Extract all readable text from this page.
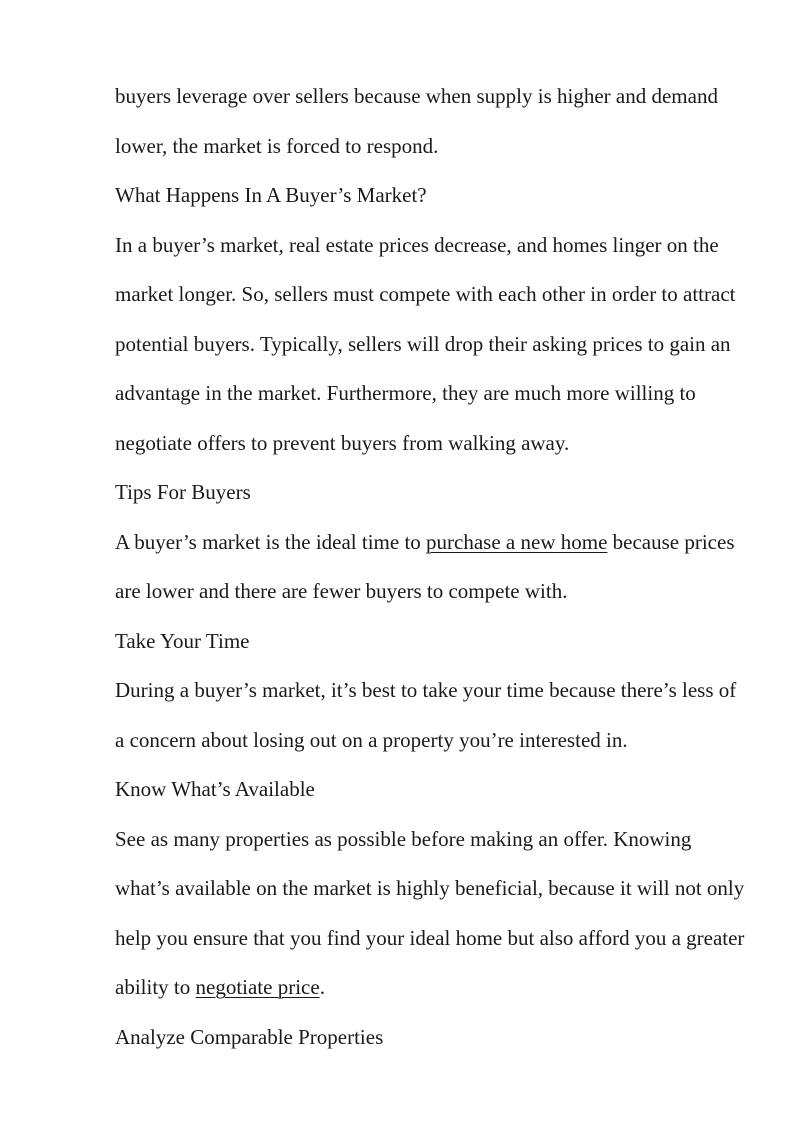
buyers leverage over sellers because when supply is higher and demand lower, the market is forced to respond.

What Happens In A Buyer’s Market?

In a buyer’s market, real estate prices decrease, and homes linger on the market longer. So, sellers must compete with each other in order to attract potential buyers. Typically, sellers will drop their asking prices to gain an advantage in the market. Furthermore, they are much more willing to negotiate offers to prevent buyers from walking away.

Tips For Buyers

A buyer’s market is the ideal time to purchase a new home because prices are lower and there are fewer buyers to compete with.

Take Your Time

During a buyer’s market, it’s best to take your time because there’s less of a concern about losing out on a property you’re interested in.

Know What’s Available

See as many properties as possible before making an offer. Knowing what’s available on the market is highly beneficial, because it will not only help you ensure that you find your ideal home but also afford you a greater ability to negotiate price.

Analyze Comparable Properties
